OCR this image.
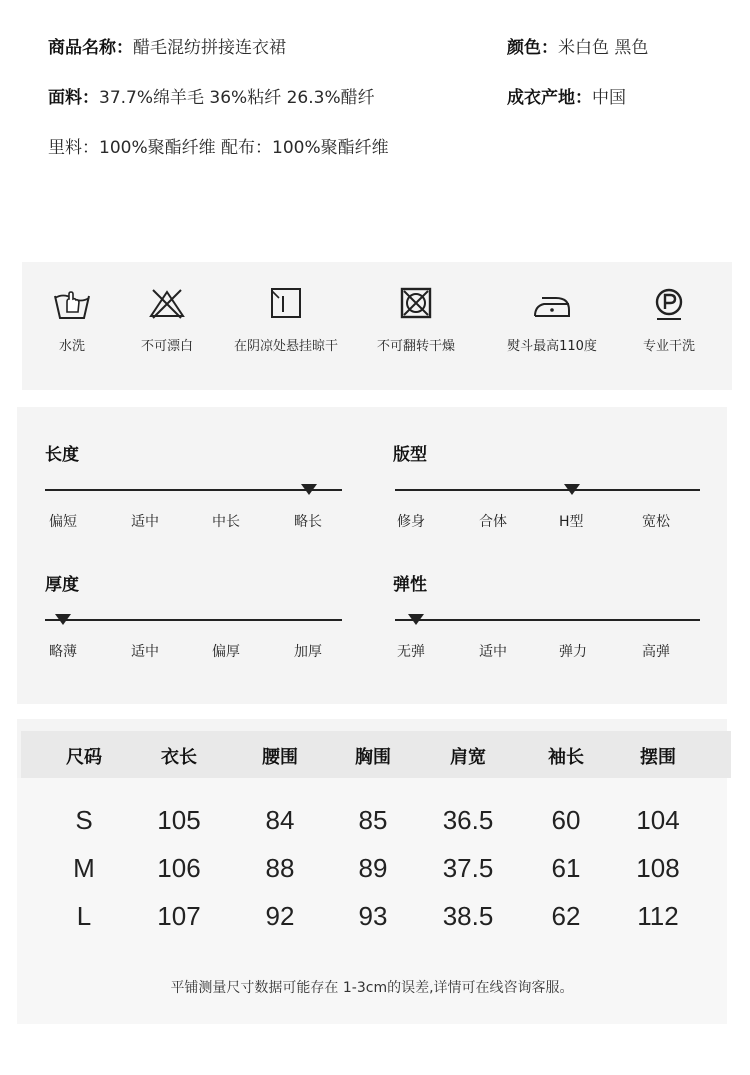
商品名称：醋毛混纺拼接连衣裙	颜色：米白色 黑色
面料：37.7%绵羊毛 36%粘纤 26.3%醋纤	成衣产地：中国
里料：100%聚酯纤维 配布：100%聚酯纤维
水洗	不可漂白	在阴凉处悬挂晾干	不可翻转干燥	熨斗最高110度	专业干洗
长度
偏短	适中	中长	略长
版型
修身	合体	H型	宽松
厚度
略薄	适中	偏厚	加厚
弹性
无弹	适中	弹力	高弹
尺码	衣长	腰围	胸围	肩宽	袖长	摆围
S 105 84 85 36.5 60 104
M 106 88 89 37.5 61 108
L	107 92 93 38.5 62 112
平铺测量尺寸数据可能存在 1-3cm的误差,详情可在线咨询客服。
